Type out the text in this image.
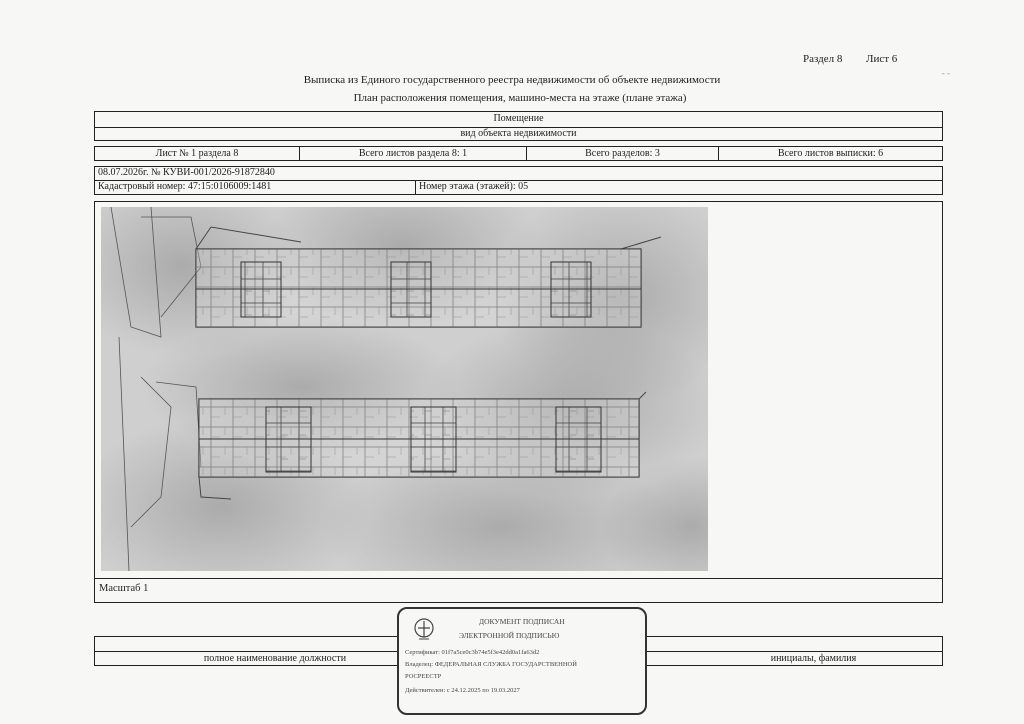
Раздел 8 Лист 6
- -
Выписка из Единого государственного реестра недвижимости об объекте недвижимости
План расположения помещения, машино-места на этаже (плане этажа)
Помещение
вид объекта недвижимости
Лист № 1 раздела 8	Всего листов раздела 8: 1	Всего разделов: 3	Всего листов выписки: 6
08.07.2026г. № КУВИ-001/2026-91872840
Кадастровый номер: 47:15:0106009:1481	Номер этажа (этажей): 05
Масштаб 1
полное наименование должности	инициалы, фамилия
ДОКУМЕНТ ПОДПИСАН
ЭЛЕКТРОННОЙ ПОДПИСЬЮ
Сертификат: 01f7a5ce0c3b74e5f3e42dd0a1fa63d2
Владелец: ФЕДЕРАЛЬНАЯ СЛУЖБА ГОСУДАРСТВЕННОЙ
РОСРЕЕСТР
Действителен: с 24.12.2025 по 19.03.2027
